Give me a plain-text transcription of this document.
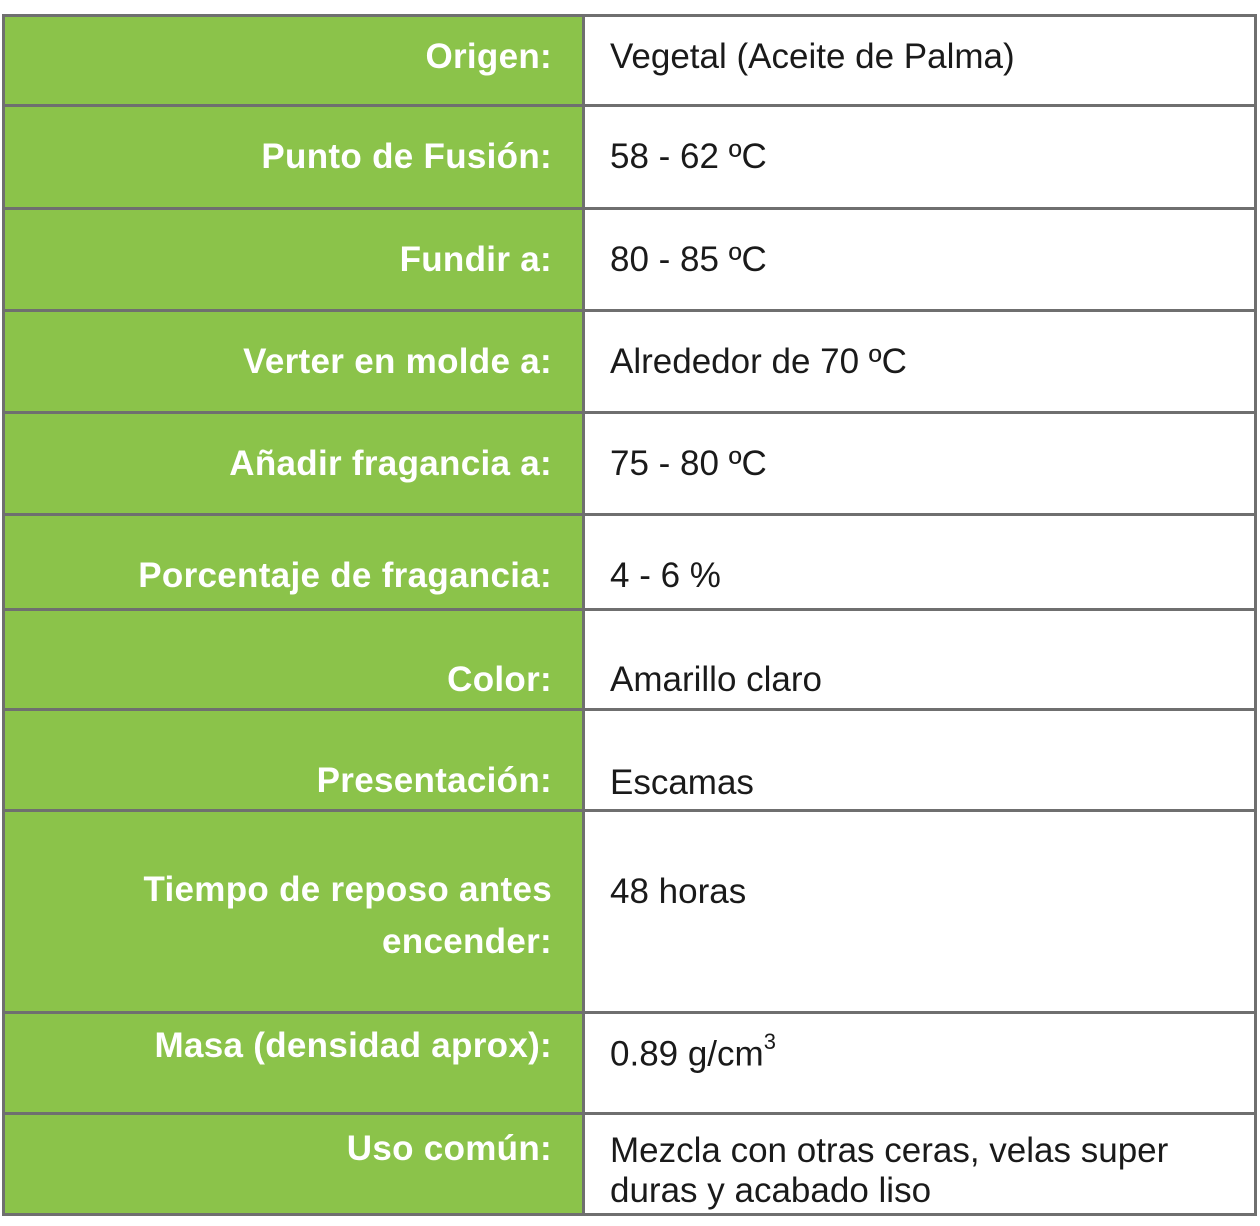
Origen:	Vegetal (Aceite de Palma)

Punto de Fusión:	58 - 62 ºC

Fundir a:	80 - 85 ºC

Verter en molde a:	Alrededor de 70 ºC

Añadir fragancia a:	75 - 80 ºC

Porcentaje de fragancia:	4 - 6 %

Color:	Amarillo claro

Presentación:	Escamas

Tiempo de reposo antes
encender:	48 horas

Masa (densidad aprox):	0.89 $g/cm^3$

Uso común:	Mezcla con otras ceras, velas super
duras y acabado liso
